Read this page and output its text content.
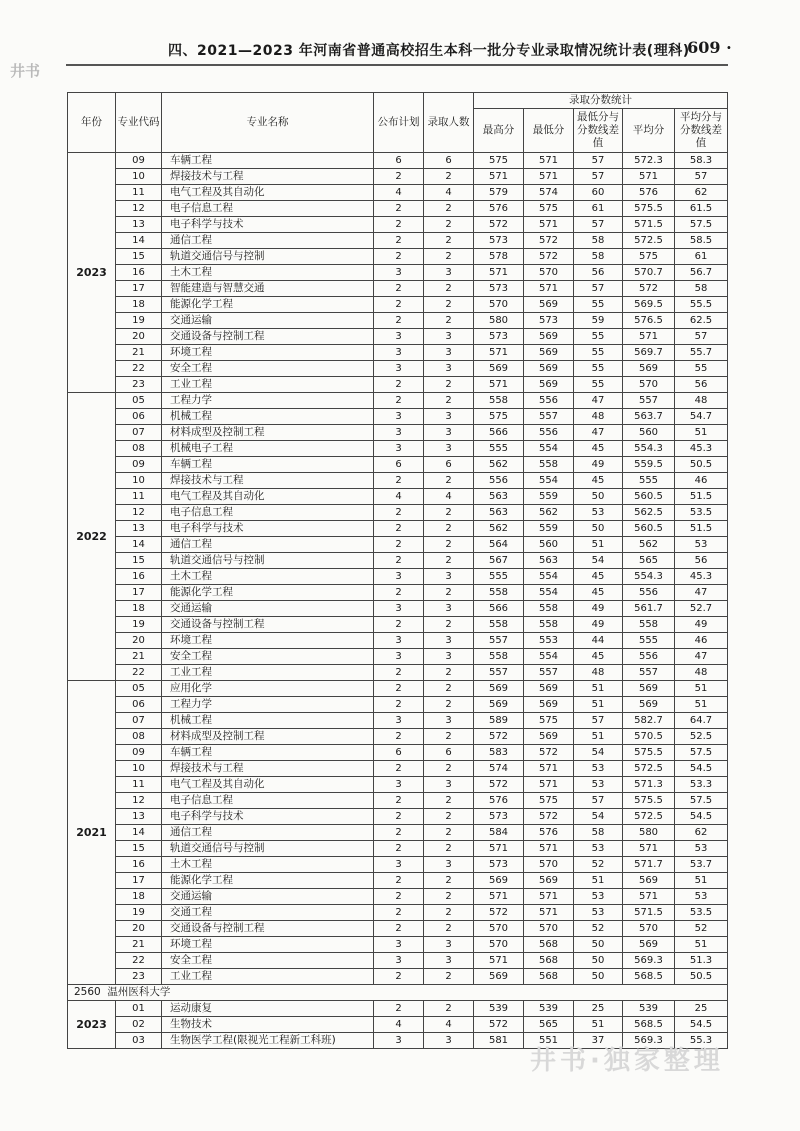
井书
四、2021—2023 年河南省普通高校招生本科一批分专业录取情况统计表(理科)
· 609 ·
年份	专业代码	专业名称	公布计划	录取人数	录取分数统计				
					最高分	最低分	最低分与分数线差值	平均分	平均分与分数线差值
2023	09	车辆工程	6	6	575	571	57	572.3	58.3
	10	焊接技术与工程	2	2	571	571	57	571	57
	11	电气工程及其自动化	4	4	579	574	60	576	62
	12	电子信息工程	2	2	576	575	61	575.5	61.5
	13	电子科学与技术	2	2	572	571	57	571.5	57.5
	14	通信工程	2	2	573	572	58	572.5	58.5
	15	轨道交通信号与控制	2	2	578	572	58	575	61
	16	土木工程	3	3	571	570	56	570.7	56.7
	17	智能建造与智慧交通	2	2	573	571	57	572	58
	18	能源化学工程	2	2	570	569	55	569.5	55.5
	19	交通运输	2	2	580	573	59	576.5	62.5
	20	交通设备与控制工程	3	3	573	569	55	571	57
	21	环境工程	3	3	571	569	55	569.7	55.7
	22	安全工程	3	3	569	569	55	569	55
	23	工业工程	2	2	571	569	55	570	56
2022	05	工程力学	2	2	558	556	47	557	48
	06	机械工程	3	3	575	557	48	563.7	54.7
	07	材料成型及控制工程	3	3	566	556	47	560	51
	08	机械电子工程	3	3	555	554	45	554.3	45.3
	09	车辆工程	6	6	562	558	49	559.5	50.5
	10	焊接技术与工程	2	2	556	554	45	555	46
	11	电气工程及其自动化	4	4	563	559	50	560.5	51.5
	12	电子信息工程	2	2	563	562	53	562.5	53.5
	13	电子科学与技术	2	2	562	559	50	560.5	51.5
	14	通信工程	2	2	564	560	51	562	53
	15	轨道交通信号与控制	2	2	567	563	54	565	56
	16	土木工程	3	3	555	554	45	554.3	45.3
	17	能源化学工程	2	2	558	554	45	556	47
	18	交通运输	3	3	566	558	49	561.7	52.7
	19	交通设备与控制工程	2	2	558	558	49	558	49
	20	环境工程	3	3	557	553	44	555	46
	21	安全工程	3	3	558	554	45	556	47
	22	工业工程	2	2	557	557	48	557	48
2021	05	应用化学	2	2	569	569	51	569	51
	06	工程力学	2	2	569	569	51	569	51
	07	机械工程	3	3	589	575	57	582.7	64.7
	08	材料成型及控制工程	2	2	572	569	51	570.5	52.5
	09	车辆工程	6	6	583	572	54	575.5	57.5
	10	焊接技术与工程	2	2	574	571	53	572.5	54.5
	11	电气工程及其自动化	3	3	572	571	53	571.3	53.3
	12	电子信息工程	2	2	576	575	57	575.5	57.5
	13	电子科学与技术	2	2	573	572	54	572.5	54.5
	14	通信工程	2	2	584	576	58	580	62
	15	轨道交通信号与控制	2	2	571	571	53	571	53
	16	土木工程	3	3	573	570	52	571.7	53.7
	17	能源化学工程	2	2	569	569	51	569	51
	18	交通运输	2	2	571	571	53	571	53
	19	交通工程	2	2	572	571	53	571.5	53.5
	20	交通设备与控制工程	2	2	570	570	52	570	52
	21	环境工程	3	3	570	568	50	569	51
	22	安全工程	3	3	571	568	50	569.3	51.3
	23	工业工程	2	2	569	568	50	568.5	50.5
2560 温州医科大学									
2023	01	运动康复	2	2	539	539	25	539	25
	02	生物技术	4	4	572	565	51	568.5	54.5
	03	生物医学工程(限视光工程新工科班)	3	3	581	551	37	569.3	55.3
井书·独家整理
